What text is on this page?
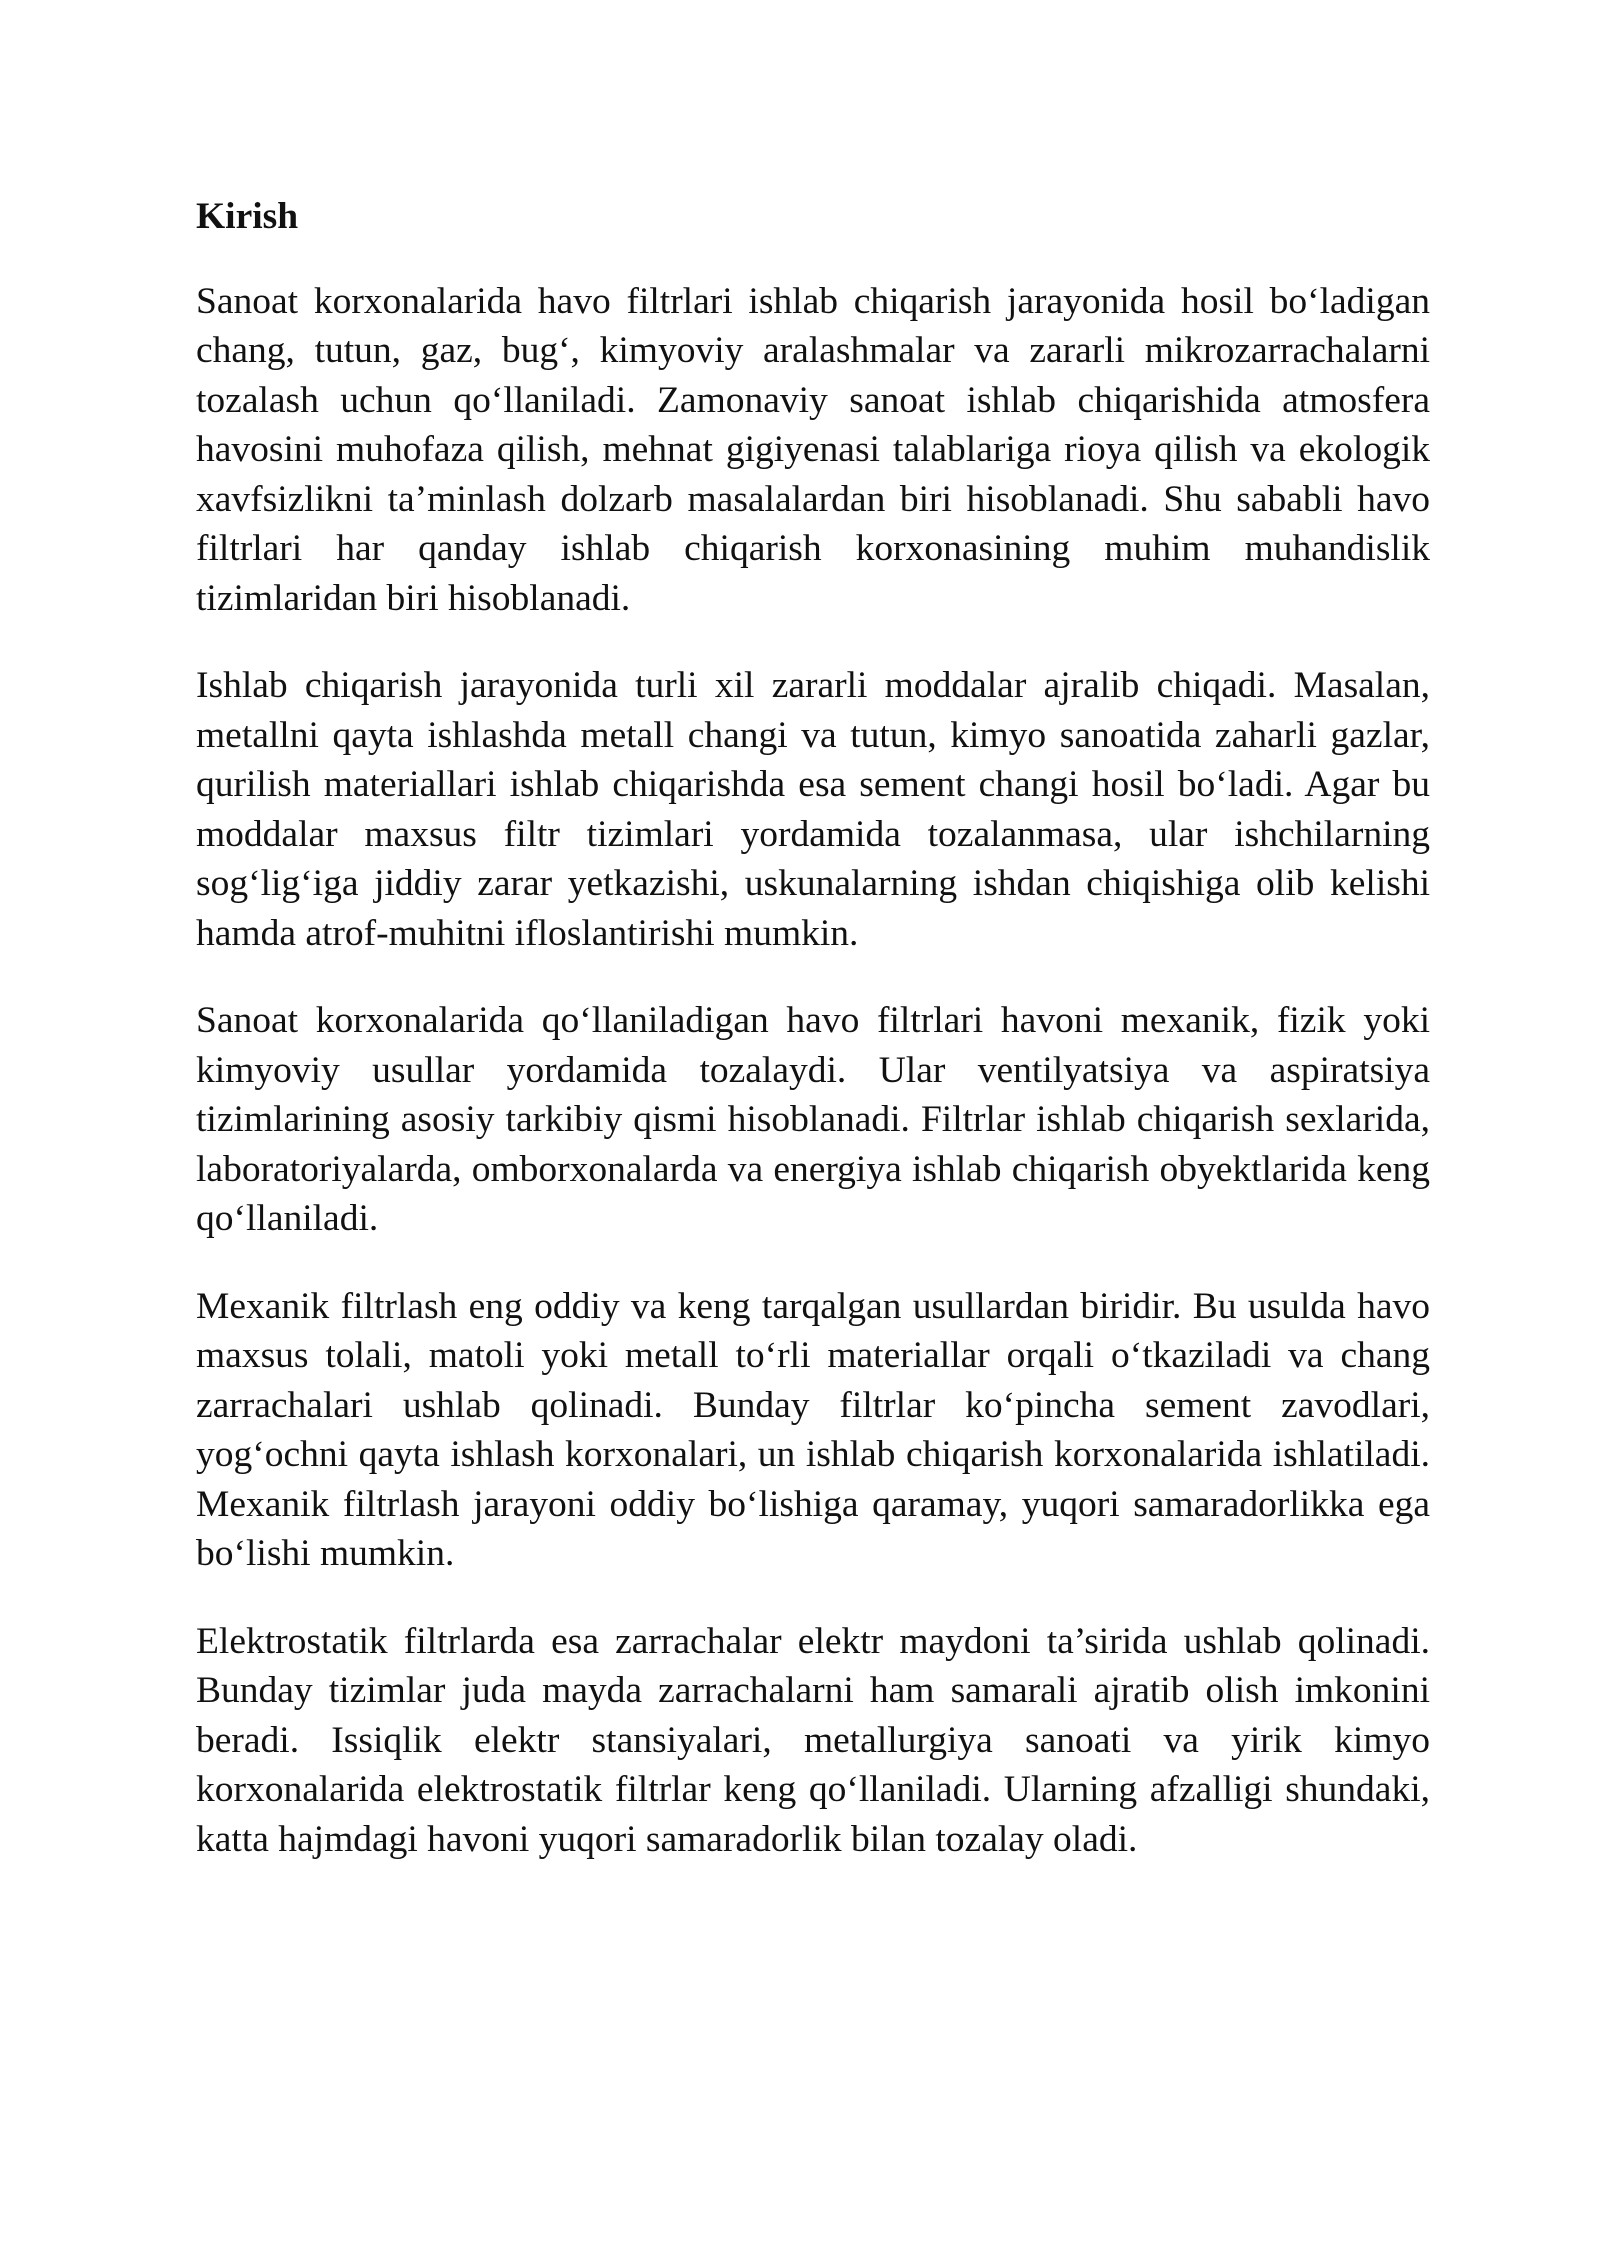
Kirish

Sanoat korxonalarida havo filtrlari ishlab chiqarish jarayonida hosil bo‘ladigan chang, tutun, gaz, bug‘, kimyoviy aralashmalar va zararli mikrozarrachalarni tozalash uchun qo‘llaniladi. Zamonaviy sanoat ishlab chiqarishida atmosfera havosini muhofaza qilish, mehnat gigiyenasi talablariga rioya qilish va ekologik xavfsizlikni ta’minlash dolzarb masalalardan biri hisoblanadi. Shu sababli havo filtrlari har qanday ishlab chiqarish korxonasining muhim muhandislik tizimlaridan biri hisoblanadi.

Ishlab chiqarish jarayonida turli xil zararli moddalar ajralib chiqadi. Masalan, metallni qayta ishlashda metall changi va tutun, kimyo sanoatida zaharli gazlar, qurilish materiallari ishlab chiqarishda esa sement changi hosil bo‘ladi. Agar bu moddalar maxsus filtr tizimlari yordamida tozalanmasa, ular ishchilarning sog‘lig‘iga jiddiy zarar yetkazishi, uskunalarning ishdan chiqishiga olib kelishi hamda atrof-muhitni ifloslantirishi mumkin.

Sanoat korxonalarida qo‘llaniladigan havo filtrlari havoni mexanik, fizik yoki kimyoviy usullar yordamida tozalaydi. Ular ventilyatsiya va aspiratsiya tizimlarining asosiy tarkibiy qismi hisoblanadi. Filtrlar ishlab chiqarish sexlarida, laboratoriyalarda, omborxonalarda va energiya ishlab chiqarish obyektlarida keng qo‘llaniladi.

Mexanik filtrlash eng oddiy va keng tarqalgan usullardan biridir. Bu usulda havo maxsus tolali, matoli yoki metall to‘rli materiallar orqali o‘tkaziladi va chang zarrachalari ushlab qolinadi. Bunday filtrlar ko‘pincha sement zavodlari, yog‘ochni qayta ishlash korxonalari, un ishlab chiqarish korxonalarida ishlatiladi. Mexanik filtrlash jarayoni oddiy bo‘lishiga qaramay, yuqori samaradorlikka ega bo‘lishi mumkin.

Elektrostatik filtrlarda esa zarrachalar elektr maydoni ta’sirida ushlab qolinadi. Bunday tizimlar juda mayda zarrachalarni ham samarali ajratib olish imkonini beradi. Issiqlik elektr stansiyalari, metallurgiya sanoati va yirik kimyo korxonalarida elektrostatik filtrlar keng qo‘llaniladi. Ularning afzalligi shundaki, katta hajmdagi havoni yuqori samaradorlik bilan tozalay oladi.
